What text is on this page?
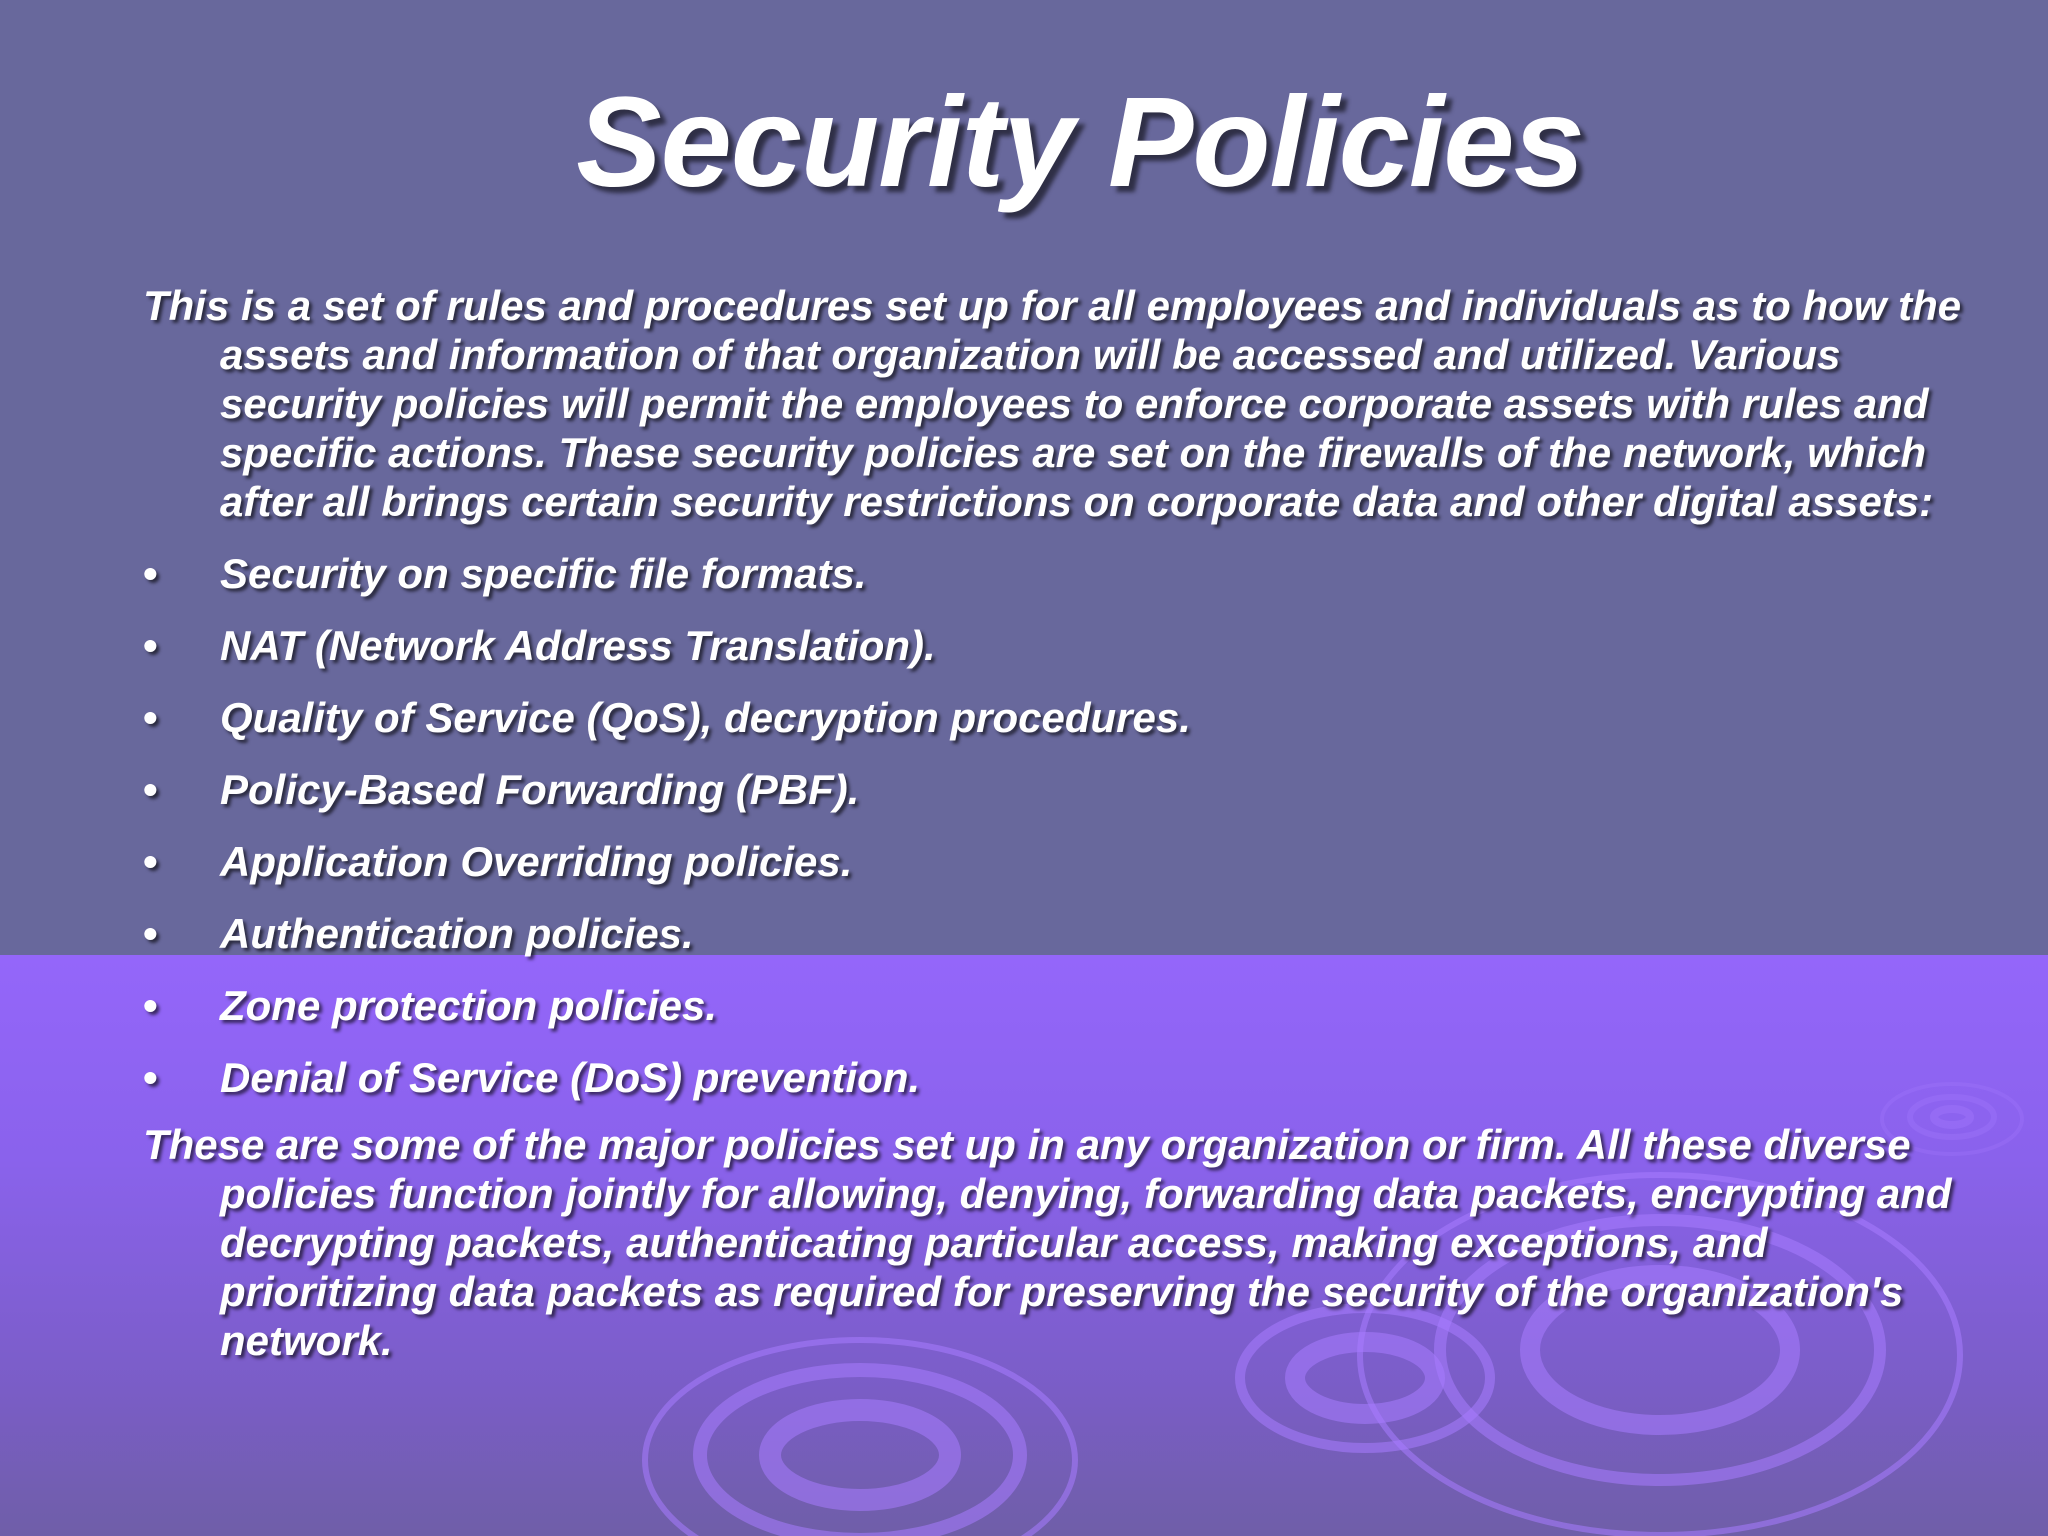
Security Policies

This is a set of rules and procedures set up for all employees and individuals as to how the assets and information of that organization will be accessed and utilized. Various security policies will permit the employees to enforce corporate assets with rules and specific actions. These security policies are set on the firewalls of the network, which after all brings certain security restrictions on corporate data and other digital assets:

• Security on specific file formats.
• NAT (Network Address Translation).
• Quality of Service (QoS), decryption procedures.
• Policy-Based Forwarding (PBF).
• Application Overriding policies.
• Authentication policies.
• Zone protection policies.
• Denial of Service (DoS) prevention.

These are some of the major policies set up in any organization or firm. All these diverse policies function jointly for allowing, denying, forwarding data packets, encrypting and decrypting packets, authenticating particular access, making exceptions, and prioritizing data packets as required for preserving the security of the organization's network.
